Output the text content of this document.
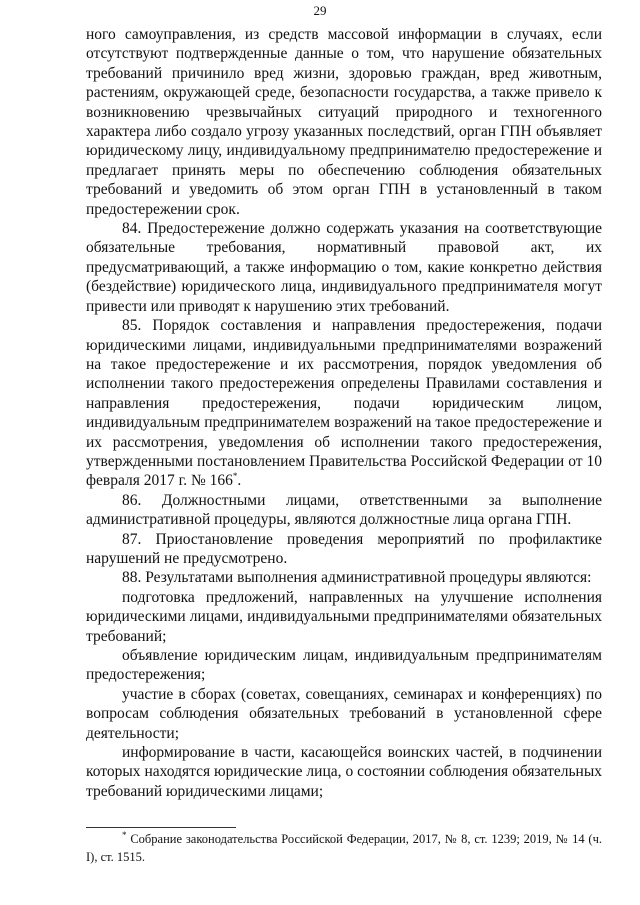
29

ного самоуправления, из средств массовой информации в случаях, если отсутствуют подтвержденные данные о том, что нарушение обязательных требований причинило вред жизни, здоровью граждан, вред животным, растениям, окружающей среде, безопасности государства, а также привело к возникновению чрезвычайных ситуаций природного и техногенного характера либо создало угрозу указанных последствий, орган ГПН объявляет юридическому лицу, индивидуальному предпринимателю предостережение и предлагает принять меры по обеспечению соблюдения обязательных требований и уведомить об этом орган ГПН в установленный в таком предостережении срок.

84. Предостережение должно содержать указания на соответствующие обязательные требования, нормативный правовой акт, их предусматривающий, а также информацию о том, какие конкретно действия (бездействие) юридического лица, индивидуального предпринимателя могут привести или приводят к нарушению этих требований.

85. Порядок составления и направления предостережения, подачи юридическими лицами, индивидуальными предпринимателями возражений на такое предостережение и их рассмотрения, порядок уведомления об исполнении такого предостережения определены Правилами составления и направления предостережения, подачи юридическим лицом, индивидуальным предпринимателем возражений на такое предостережение и их рассмотрения, уведомления об исполнении такого предостережения, утвержденными постановлением Правительства Российской Федерации от 10 февраля 2017 г. № 166*.

86. Должностными лицами, ответственными за выполнение административной процедуры, являются должностные лица органа ГПН.

87. Приостановление проведения мероприятий по профилактике нарушений не предусмотрено.

88. Результатами выполнения административной процедуры являются:

подготовка предложений, направленных на улучшение исполнения юридическими лицами, индивидуальными предпринимателями обязательных требований;

объявление юридическим лицам, индивидуальным предпринимателям предостережения;

участие в сборах (советах, совещаниях, семинарах и конференциях) по вопросам соблюдения обязательных требований в установленной сфере деятельности;

информирование в части, касающейся воинских частей, в подчинении которых находятся юридические лица, о состоянии соблюдения обязательных требований юридическими лицами;

* Собрание законодательства Российской Федерации, 2017, № 8, ст. 1239; 2019, № 14 (ч. I), ст. 1515.
